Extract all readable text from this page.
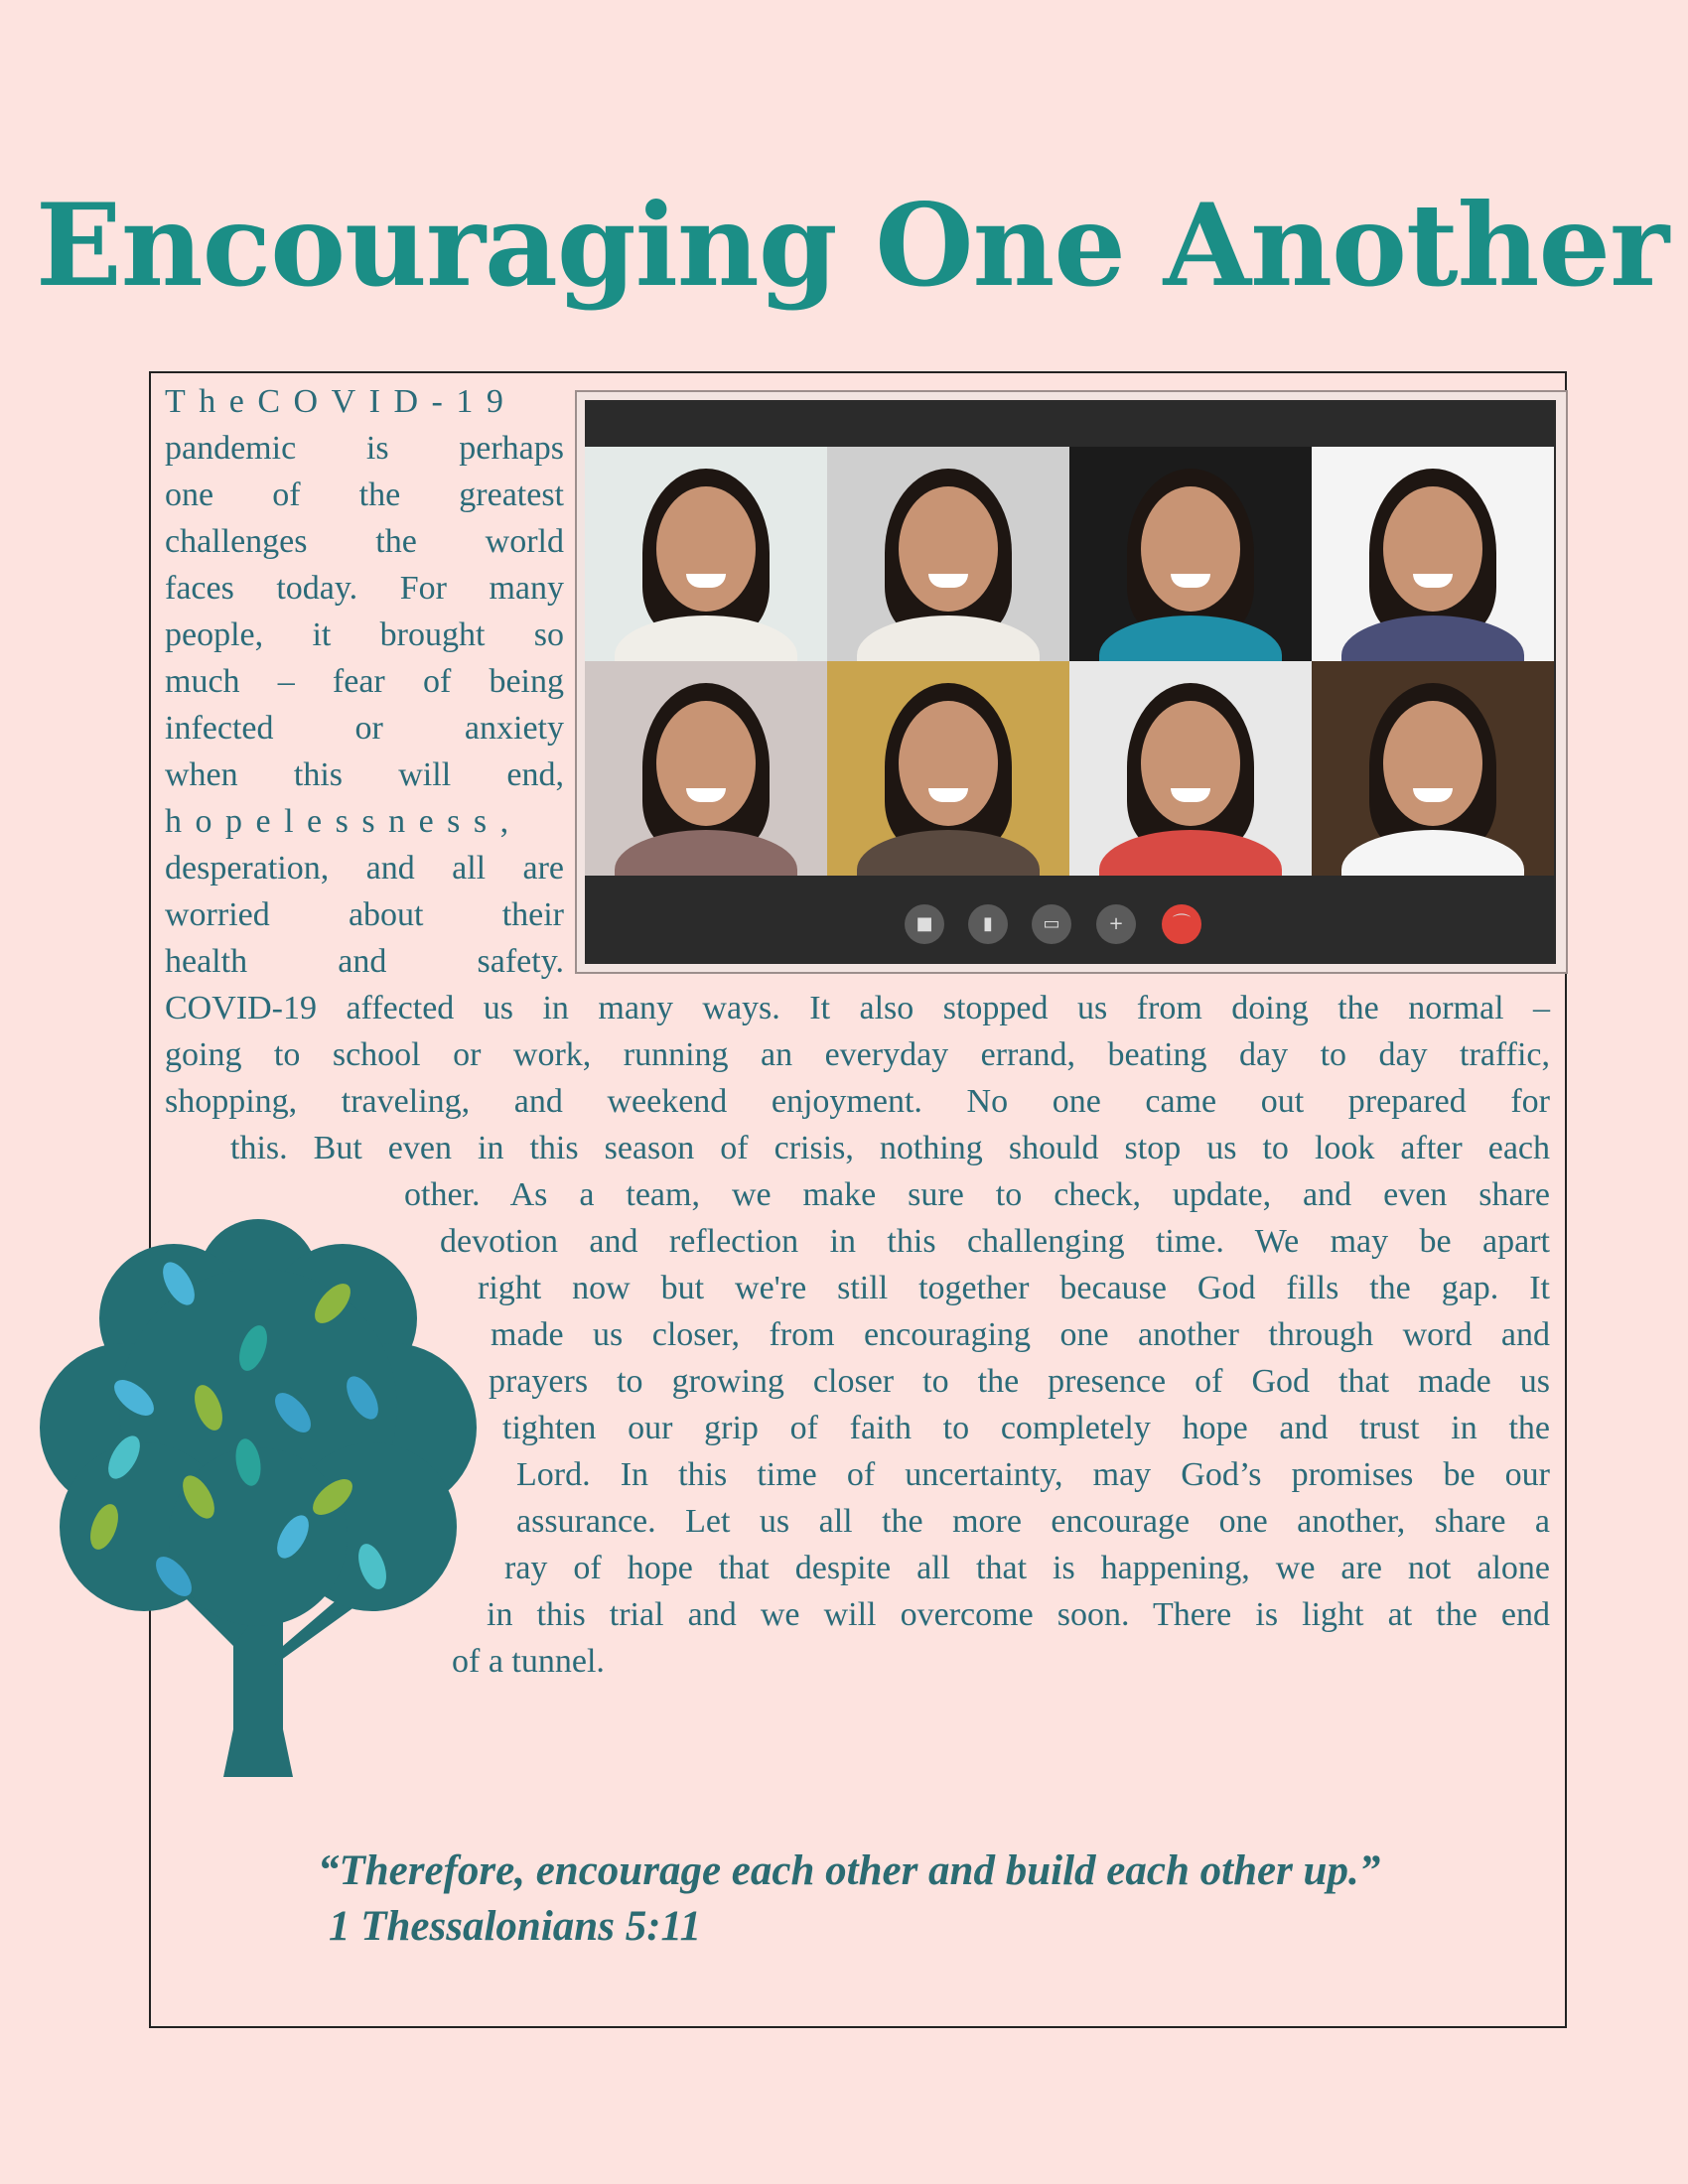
Encouraging One Another
■	▮	▭	+	⌒
TheCOVID-19
pandemic is perhaps
one of the greatest
challenges the world
faces today. For many
people, it brought so
much – fear of being
infected or anxiety
when this will end,
hopelessness,
desperation, and all are
worried about their
health and safety.
COVID-19 affected us in many ways. It also stopped us from doing the normal –
going to school or work, running an everyday errand, beating day to day traffic,
shopping, traveling, and weekend enjoyment. No one came out prepared for
this. But even in this season of crisis, nothing should stop us to look after each
other. As a team, we make sure to check, update, and even share
devotion and reflection in this challenging time. We may be apart
right now but we're still together because God fills the gap. It
made us closer, from encouraging one another through word and
prayers to growing closer to the presence of God that made us
tighten our grip of faith to completely hope and trust in the
Lord. In this time of uncertainty, may God’s promises be our
assurance. Let us all the more encourage one another, share a
ray of hope that despite all that is happening, we are not alone
in this trial and we will overcome soon. There is light at the end
of a tunnel.
“Therefore, encourage each other and build each other up.”
1 Thessalonians 5:11
